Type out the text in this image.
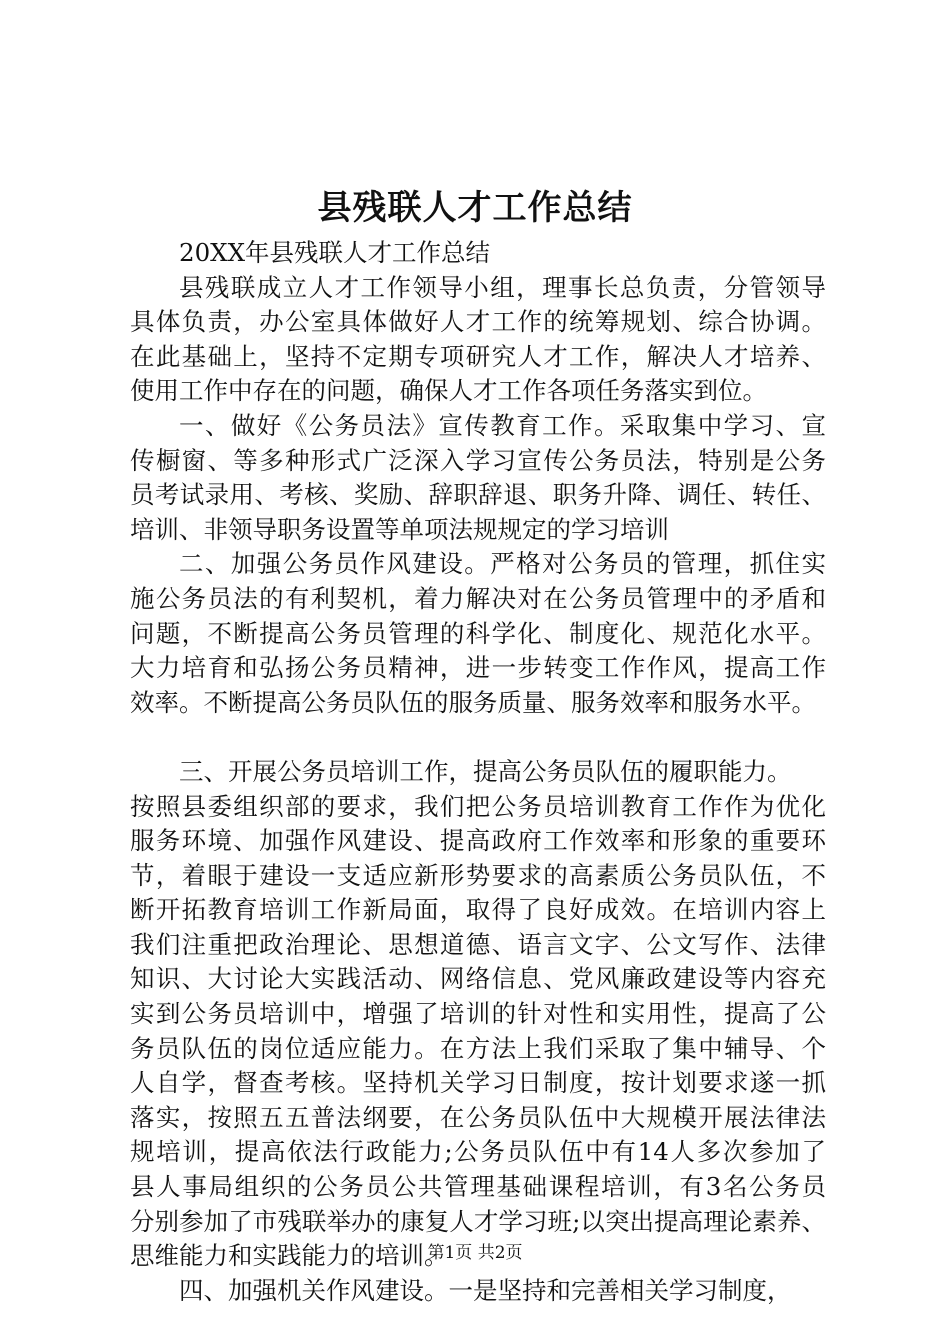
县残联人才工作总结
20XX年县残联人才工作总结
县残联成立人才工作领导小组，理事长总负责，分管领导
具体负责，办公室具体做好人才工作的统筹规划、综合协调。
在此基础上，坚持不定期专项研究人才工作，解决人才培养、
使用工作中存在的问题，确保人才工作各项任务落实到位。
一、做好《公务员法》宣传教育工作。采取集中学习、宣
传橱窗、等多种形式广泛深入学习宣传公务员法，特别是公务
员考试录用、考核、奖励、辞职辞退、职务升降、调任、转任、
培训、非领导职务设置等单项法规规定的学习培训
二、加强公务员作风建设。严格对公务员的管理，抓住实
施公务员法的有利契机，着力解决对在公务员管理中的矛盾和
问题，不断提高公务员管理的科学化、制度化、规范化水平。
大力培育和弘扬公务员精神，进一步转变工作作风，提高工作
效率。不断提高公务员队伍的服务质量、服务效率和服务水平。
三、开展公务员培训工作，提高公务员队伍的履职能力。
按照县委组织部的要求，我们把公务员培训教育工作作为优化
服务环境、加强作风建设、提高政府工作效率和形象的重要环
节，着眼于建设一支适应新形势要求的高素质公务员队伍，不
断开拓教育培训工作新局面，取得了良好成效。在培训内容上
我们注重把政治理论、思想道德、语言文字、公文写作、法律
知识、大讨论大实践活动、网络信息、党风廉政建设等内容充
实到公务员培训中，增强了培训的针对性和实用性，提高了公
务员队伍的岗位适应能力。在方法上我们采取了集中辅导、个
人自学，督查考核。坚持机关学习日制度，按计划要求遂一抓
落实，按照五五普法纲要，在公务员队伍中大规模开展法律法
规培训，提高依法行政能力;公务员队伍中有14人多次参加了
县人事局组织的公务员公共管理基础课程培训，有3名公务员
分别参加了市残联举办的康复人才学习班;以突出提高理论素养、
思维能力和实践能力的培训。
四、加强机关作风建设。一是坚持和完善相关学习制度，
第1页 共2页
